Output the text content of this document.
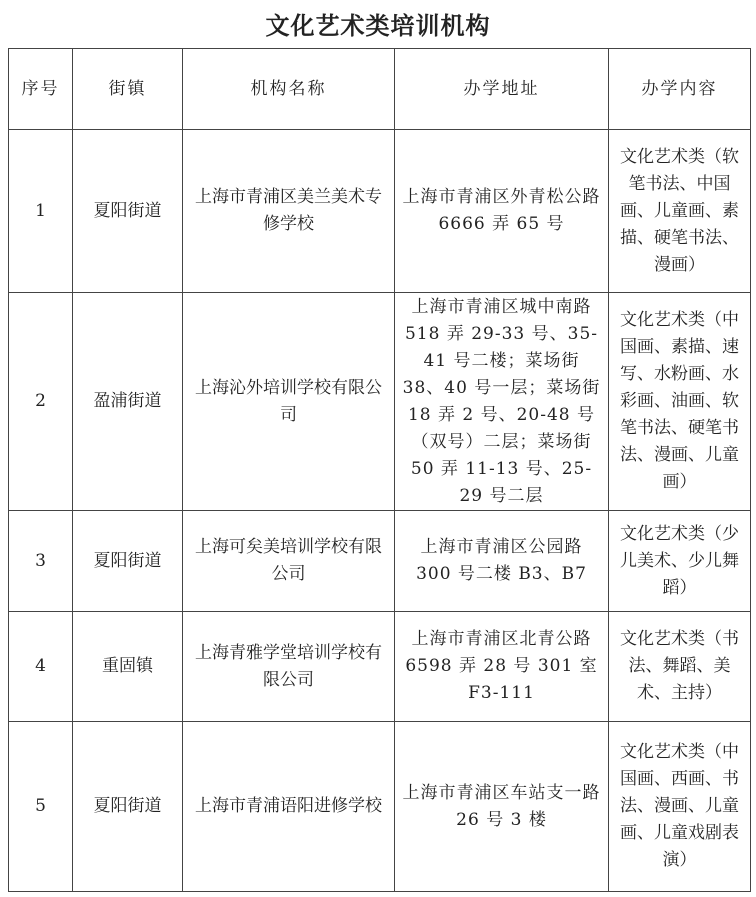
文化艺术类培训机构
序号	街镇	机构名称	办学地址	办学内容
1	夏阳街道	上海市青浦区美兰美术专修学校	上海市青浦区外青松公路 6666 弄 65 号	文化艺术类（软笔书法、中国画、儿童画、素描、硬笔书法、漫画）
2	盈浦街道	上海沁外培训学校有限公司	上海市青浦区城中南路 518 弄 29-33 号、35-41 号二楼；菜场街 38、40 号一层；菜场街 18 弄 2 号、20-48 号（双号）二层；菜场街 50 弄 11-13 号、25-29 号二层	文化艺术类（中国画、素描、速写、水粉画、水彩画、油画、软笔书法、硬笔书法、漫画、儿童画）
3	夏阳街道	上海可矣美培训学校有限公司	上海市青浦区公园路 300 号二楼 B3、B7	文化艺术类（少儿美术、少儿舞蹈）
4	重固镇	上海青雅学堂培训学校有限公司	上海市青浦区北青公路 6598 弄 28 号 301 室 F3-111	文化艺术类（书法、舞蹈、美术、主持）
5	夏阳街道	上海市青浦语阳进修学校	上海市青浦区车站支一路 26 号 3 楼	文化艺术类（中国画、西画、书法、漫画、儿童画、儿童戏剧表演）
